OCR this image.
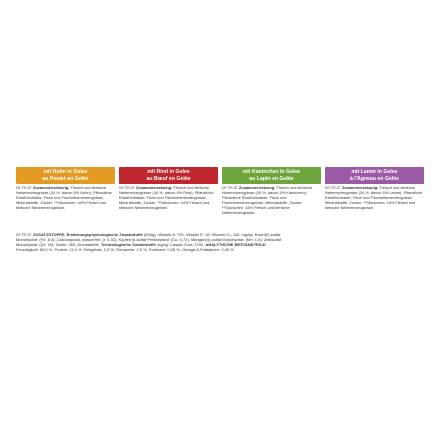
mit Huhn in Gelee
au Poulet en Gelée
DE FR AT Zusammensetzung: Fleisch und tierische Nebenerzeugnisse (34 %, davon 8% Huhn), Pflanzliche Eiweißextrakte, Fisch und Fischnebenerzeugnisse, Mineralstoffe, Zucker. **Stückchen: 44% Fleisch und tierische Nebenerzeugnisse.
mit Rind in Gelee
au Bœuf en Gelée
DE FR AT Zusammensetzung: Fleisch und tierische Nebenerzeugnisse (34 %, davon 4% Rind), Pflanzliche Eiweißextrakte, Fisch und Fischnebenerzeugnisse, Mineralstoffe, Zucker. **Stückchen: 44% Fleisch und tierische Nebenerzeugnisse.
mit Kaninchen in Gelee
au Lapin en Gelée
DE FR AT Zusammensetzung: Fleisch und tierische Nebenerzeugnisse (34 %, davon 4% Kaninchen), Pflanzliche Eiweißextrakte, Fisch und Fischnebenerzeugnisse, Mineralstoffe, Zucker. **Stückchen: 44% Fleisch und tierische Nebenerzeugnisse.
mit Lamm in Gelee
à l'Agneau en Gelée
DE FR AT Zusammensetzung: Fleisch und tierische Nebenerzeugnisse (34 %, davon 4% Lamm), Pflanzliche Eiweißextrakte, Fisch und Fischnebenerzeugnisse, Mineralstoffe, Zucker. **Stückchen: 44% Fleisch und tierische Nebenerzeugnisse.
DE FR AT ZUSATZSTOFFE: Ernährungsphysiologische Zusatzstoffe (IE/kg): Vitamin A: 720, Vitamin E: 16; Vitamin D₃: 110; mg/kg: Eisen(II)-sulfat Monohydrat: (Fe: 8,3); Calciumjodat, wasserfrei: (I: 0,31); Kupfer(II)-sulfat Pentahydrat: (Cu: 0,72); Mangan(II)-sulfat Monohydrat: (Mn: 1,6); Zinksulfat Monohydrat: (Zn: 15); Taurin: 453. Aromastoffe. Technologische Zusatzstoffe mg/kg: Cassia Gum: 2700. ANALYTISCHE BESTANDTEILE: Feuchtigkeit: 82,0 %, Protein: 11,0 %, Fettgehalt: 2,3 %, Rohasche: 2,5 %, Rohfaser: 0,05 %, Omega-6-Fettsäuren: 0,40 %.
